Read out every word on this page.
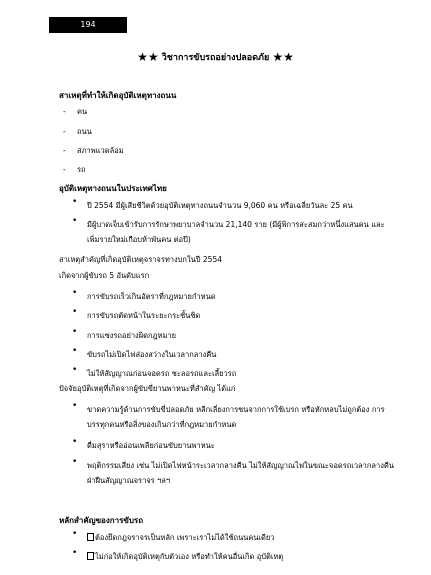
194
★★ วิชาการขับรถอย่างปลอดภัย ★★
สาเหตุที่ทำให้เกิดอุบัติเหตุทางถนน
- คน
- ถนน
- สภาพแวดล้อม
- รถ
อุบัติเหตุทางถนนในประเทศไทย
• ปี 2554 มีผู้เสียชีวิตด้วยอุบัติเหตุทางถนนจำนวน 9,060 คน หรือเฉลี่ยวันละ 25 คน
• มีผู้บาดเจ็บเข้ารับการรักษาพยาบาลจำนวน 21,140 ราย (มีผู้พิการสะสมกว่าหนึ่งแสนคน และ
เพิ่มรายใหม่เกือบห้าพันคน ต่อปี)
สาเหตุสำคัญที่เกิดอุบัติเหตุจราจรทางบกในปี 2554
เกิดจากผู้ขับรถ 5 อันดับแรก
• การขับรถเร็วเกินอัตราที่กฎหมายกำหนด
• การขับรถตัดหน้าในระยะกระชั้นชิด
• การแซงรถอย่างผิดกฎหมาย
• ขับรถไม่เปิดไฟส่องสว่างในเวลากลางคืน
• ไม่ให้สัญญาณก่อนจอดรถ ชะลอรถและเลี้ยวรถ
ปัจจัยอุบัติเหตุที่เกิดจากผู้ขับขี่ยานพาหนะที่สำคัญ ได้แก่
• ขาดความรู้ด้านการขับขี่ปลอดภัย หลีกเลี่ยงการชนจากการใช้เบรก หรือหักหลบไม่ถูกต้อง การ
บรรทุกคนหรือสิ่งของเกินกว่าที่กฎหมายกำหนด
• ดื่มสุราหรืออ่อนเพลียก่อนขับยานพาหนะ
• พฤติกรรมเสี่ยง เช่น ไม่เปิดไฟหน้าระเวลากลางคืน ไม่ให้สัญญาณไฟในขณะจอดรถเวลากลางคืน
ฝ่าฝืนสัญญาณจราจร ฯลฯ
หลักสำคัญของการขับรถ
•	ต้องยึดกฎจราจรเป็นหลัก เพราะเราไม่ได้ใช้ถนนคนเดียว
•	ไม่ก่อให้เกิดอุบัติเหตุกับตัวเอง หรือทำให้คนอื่นเกิด อุบัติเหตุ
